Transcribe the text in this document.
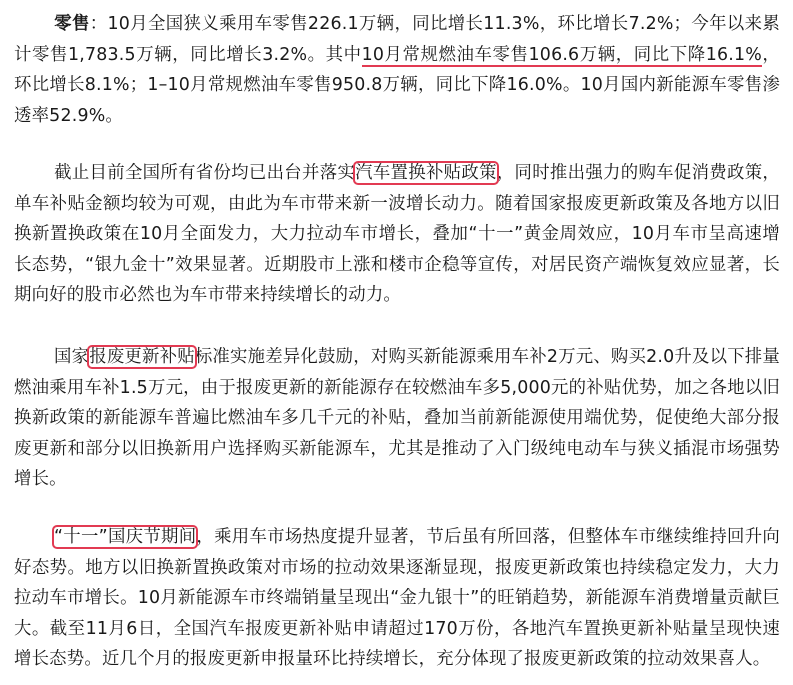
零售：10月全国狭义乘用车零售226.1万辆，同比增长11.3%，环比增长7.2%；今年以来累计零售1,783.5万辆，同比增长3.2%。其中10月常规燃油车零售106.6万辆，同比下降16.1%，环比增长8.1%；1–10月常规燃油车零售950.8万辆，同比下降16.0%。10月国内新能源车零售渗透率52.9%。
截止目前全国所有省份均已出台并落实汽车置换补贴政策，同时推出强力的购车促消费政策，单车补贴金额均较为可观，由此为车市带来新一波增长动力。随着国家报废更新政策及各地方以旧换新置换政策在10月全面发力，大力拉动车市增长，叠加“十一”黄金周效应，10月车市呈高速增长态势，“银九金十”效果显著。近期股市上涨和楼市企稳等宣传，对居民资产端恢复效应显著，长期向好的股市必然也为车市带来持续增长的动力。
国家报废更新补贴标准实施差异化鼓励，对购买新能源乘用车补2万元、购买2.0升及以下排量燃油乘用车补1.5万元，由于报废更新的新能源存在较燃油车多5,000元的补贴优势，加之各地以旧换新政策的新能源车普遍比燃油车多几千元的补贴，叠加当前新能源使用端优势，促使绝大部分报废更新和部分以旧换新用户选择购买新能源车，尤其是推动了入门级纯电动车与狭义插混市场强势增长。
“十一”国庆节期间，乘用车市场热度提升显著，节后虽有所回落，但整体车市继续维持回升向好态势。地方以旧换新置换政策对市场的拉动效果逐渐显现，报废更新政策也持续稳定发力，大力拉动车市增长。10月新能源车市终端销量呈现出“金九银十”的旺销趋势，新能源车消费增量贡献巨大。截至11月6日，全国汽车报废更新补贴申请超过170万份，各地汽车置换更新补贴量呈现快速增长态势。近几个月的报废更新申报量环比持续增长，充分体现了报废更新政策的拉动效果喜人。
